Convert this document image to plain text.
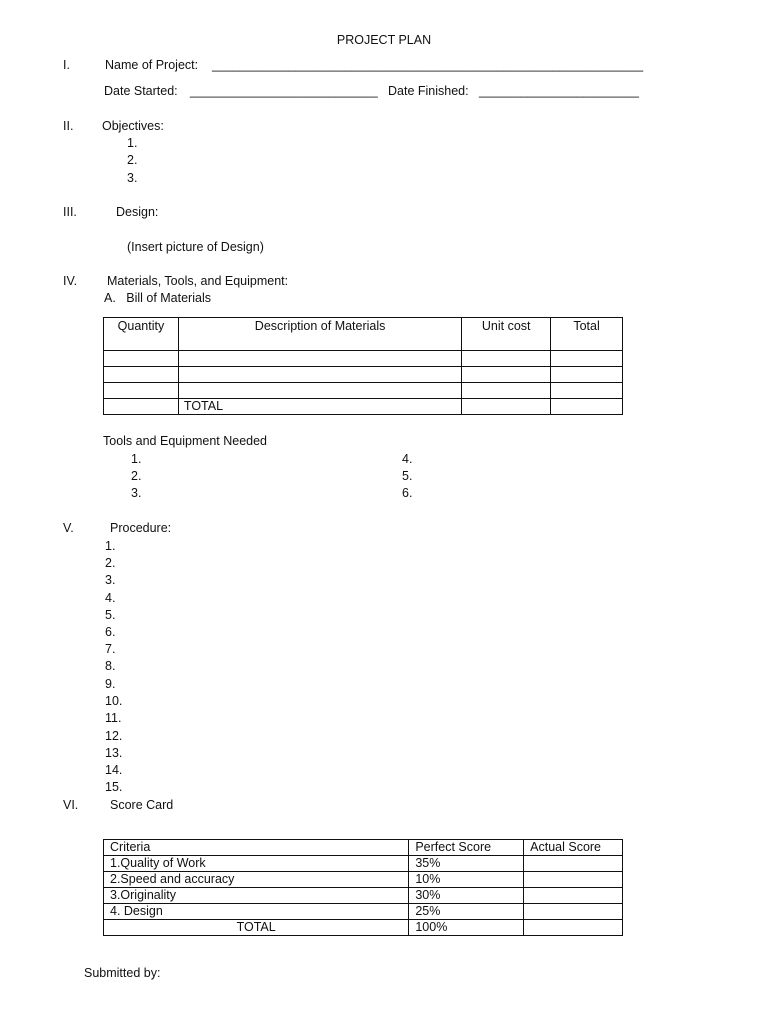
PROJECT PLAN
I.	Name of Project: ______________________________________________________________
Date Started: ___________________________ Date Finished: _______________________
II. Objectives:
1.
2.
3.
III.	Design:
(Insert picture of Design)
IV. Materials, Tools, and Equipment:
A.   Bill of Materials
Quantity	Description of Materials	Unit cost	Total

	TOTAL		
Tools and Equipment Needed
1.
2.
3.
4.
5.
6.
V.	Procedure:
1.
2.
3.
4.
5.
6.
7.
8.
9.
10.
11.
12.
13.
14.
15.
VI.	Score Card
Criteria	Perfect Score	Actual Score
1.Quality of Work	35%	
2.Speed and accuracy	10%	
3.Originality	30%	
4. Design	25%	
TOTAL	100%	
Submitted by:
